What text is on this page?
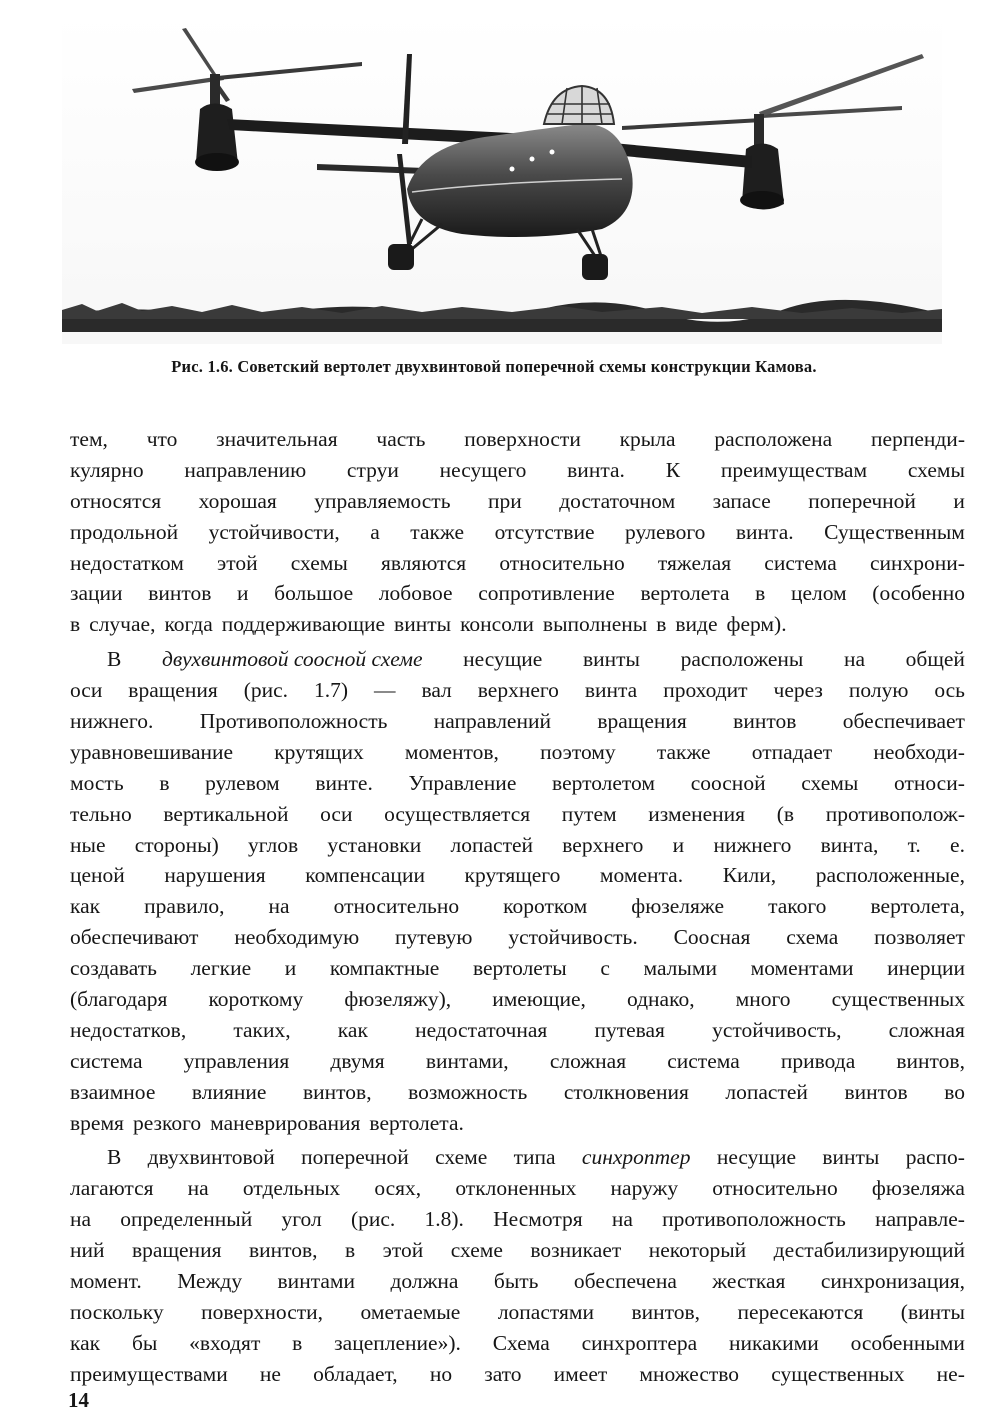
Рис. 1.6. Советский вертолет двухвинтовой поперечной схемы конструкции Камова.
тем, что значительная часть поверхности крыла расположена перпенди-
кулярно направлению струи несущего винта. К преимуществам схемы
относятся хорошая управляемость при достаточном запасе поперечной и
продольной устойчивости, а также отсутствие рулевого винта. Существенным
недостатком этой схемы являются относительно тяжелая система синхрони-
зации винтов и большое лобовое сопротивление вертолета в целом (особенно
в случае, когда поддерживающие винты консоли выполнены в виде ферм).
В двухвинтовой соосной схеме несущие винты расположены на общей
оси вращения (рис. 1.7) — вал верхнего винта проходит через полую ось
нижнего. Противоположность направлений вращения винтов обеспечивает
уравновешивание крутящих моментов, поэтому также отпадает необходи-
мость в рулевом винте. Управление вертолетом соосной схемы относи-
тельно вертикальной оси осуществляется путем изменения (в противополож-
ные стороны) углов установки лопастей верхнего и нижнего винта, т. е.
ценой нарушения компенсации крутящего момента. Кили, расположенные,
как правило, на относительно коротком фюзеляже такого вертолета,
обеспечивают необходимую путевую устойчивость. Соосная схема позволяет
создавать легкие и компактные вертолеты с малыми моментами инерции
(благодаря короткому фюзеляжу), имеющие, однако, много существенных
недостатков, таких, как недостаточная путевая устойчивость, сложная
система управления двумя винтами, сложная система привода винтов,
взаимное влияние винтов, возможность столкновения лопастей винтов во
время резкого маневрирования вертолета.
В двухвинтовой поперечной схеме типа синхроптер несущие винты распо-
лагаются на отдельных осях, отклоненных наружу относительно фюзеляжа
на определенный угол (рис. 1.8). Несмотря на противоположность направле-
ний вращения винтов, в этой схеме возникает некоторый дестабилизирующий
момент. Между винтами должна быть обеспечена жесткая синхронизация,
поскольку поверхности, ометаемые лопастями винтов, пересекаются (винты
как бы «входят в зацепление»). Схема синхроптера никакими особенными
преимуществами не обладает, но зато имеет множество существенных не-
14
